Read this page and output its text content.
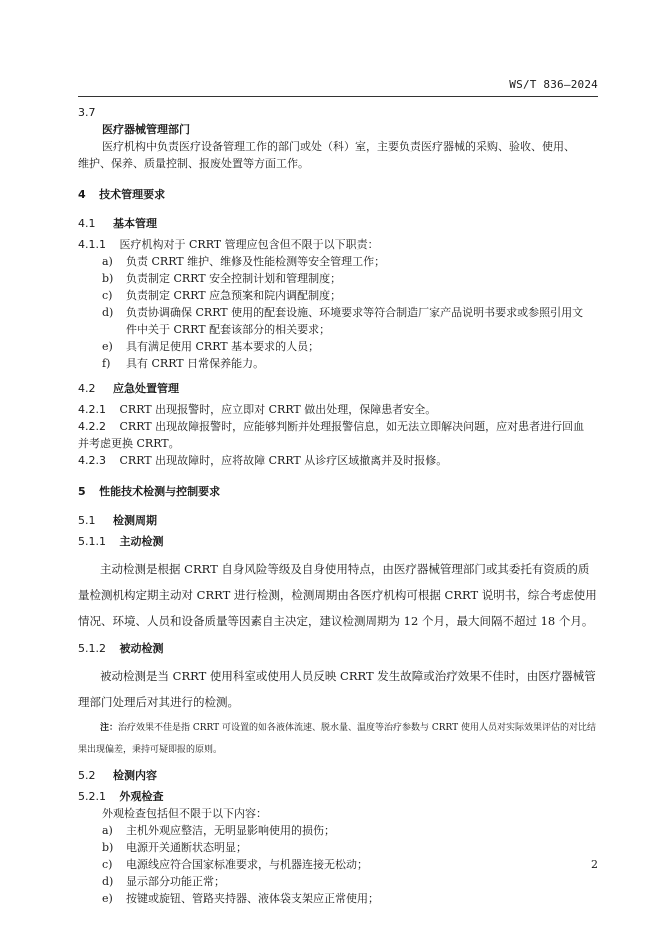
WS/T 836—2024
3.7
医疗器械管理部门
医疗机构中负责医疗设备管理工作的部门或处（科）室，主要负责医疗器械的采购、验收、使用、
维护、保养、质量控制、报废处置等方面工作。
4 技术管理要求
4.1 基本管理
4.1.1 医疗机构对于 CRRT 管理应包含但不限于以下职责：
a)	负责 CRRT 维护、维修及性能检测等安全管理工作；
b)	负责制定 CRRT 安全控制计划和管理制度；
c)	负责制定 CRRT 应急预案和院内调配制度；
d)	负责协调确保 CRRT 使用的配套设施、环境要求等符合制造厂家产品说明书要求或参照引用文
件中关于 CRRT 配套该部分的相关要求；
e)	具有满足使用 CRRT 基本要求的人员；
f)	具有 CRRT 日常保养能力。
4.2 应急处置管理
4.2.1 CRRT 出现报警时，应立即对 CRRT 做出处理，保障患者安全。
4.2.2 CRRT 出现故障报警时，应能够判断并处理报警信息，如无法立即解决问题，应对患者进行回血
并考虑更换 CRRT。
4.2.3 CRRT 出现故障时，应将故障 CRRT 从诊疗区域撤离并及时报修。
5 性能技术检测与控制要求
5.1 检测周期
5.1.1 主动检测
主动检测是根据 CRRT 自身风险等级及自身使用特点，由医疗器械管理部门或其委托有资质的质量检测机构定期主动对 CRRT 进行检测，检测周期由各医疗机构可根据 CRRT 说明书，综合考虑使用情况、环境、人员和设备质量等因素自主决定，建议检测周期为 12 个月，最大间隔不超过 18 个月。
5.1.2 被动检测
被动检测是当 CRRT 使用科室或使用人员反映 CRRT 发生故障或治疗效果不佳时，由医疗器械管理部门处理后对其进行的检测。
注：治疗效果不佳是指 CRRT 可设置的如各液体流速、脱水量、温度等治疗参数与 CRRT 使用人员对实际效果评估的对比结果出现偏差，秉持可疑即报的原则。
5.2 检测内容
5.2.1 外观检查
外观检查包括但不限于以下内容：
a)	主机外观应整洁，无明显影响使用的损伤；
b)	电源开关通断状态明显；
c)	电源线应符合国家标准要求，与机器连接无松动；
d)	显示部分功能正常；
e)	按键或旋钮、管路夹持器、液体袋支架应正常使用；
2
